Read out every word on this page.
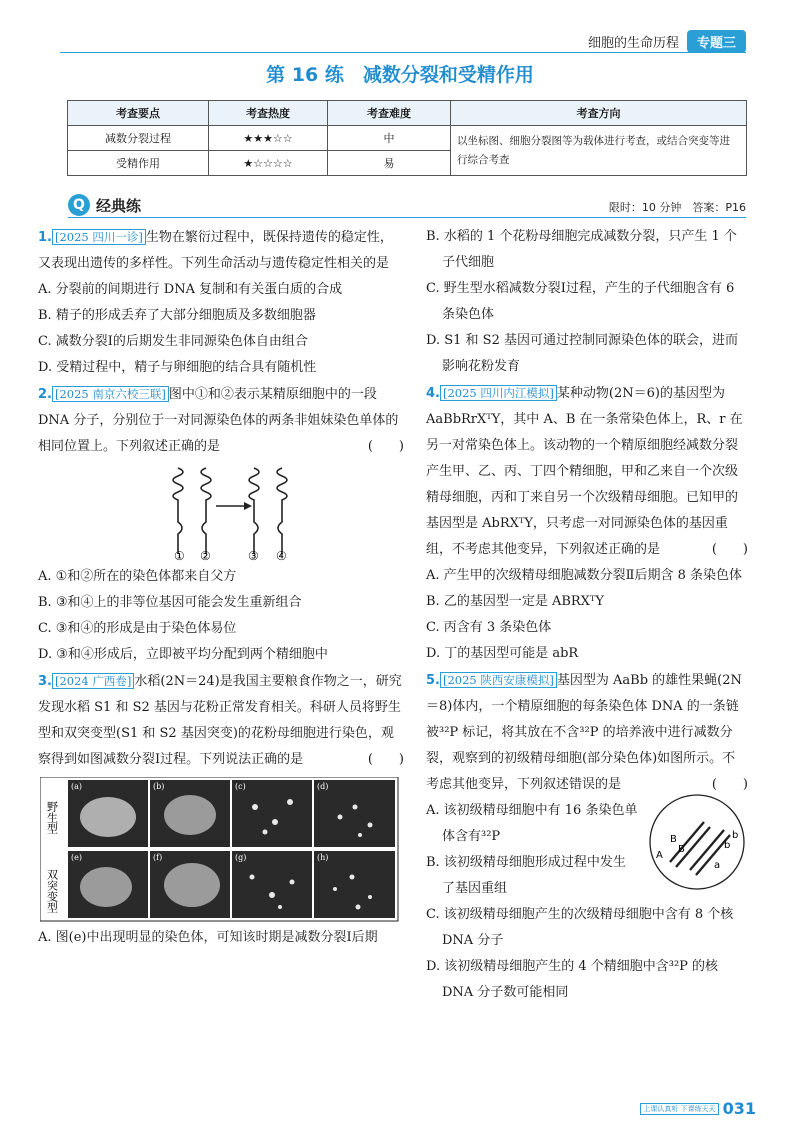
细胞的生命历程	专题三
第 16 练　减数分裂和受精作用
考查要点	考查热度	考查难度	考查方向
减数分裂过程	★★★☆☆	中	以坐标图、细胞分裂图等为载体进行考查，或结合突变等进行综合考查
受精作用	★☆☆☆☆	易	
Q 经典练	限时：10 分钟　 答案：P16

1. [2025 四川一诊] 生物在繁衍过程中，既保持遗传的稳定性，又表现出遗传的多样性。下列生命活动与遗传稳定性相关的是

A. 分裂前的间期进行 DNA 复制和有关蛋白质的合成

B. 精子的形成丢弃了大部分细胞质及多数细胞器

C. 减数分裂Ⅰ的后期发生非同源染色体自由组合

D. 受精过程中，精子与卵细胞的结合具有随机性

2. [2025 南京六校三联] 图中①和②表示某精原细胞中的一段 DNA 分子，分别位于一对同源染色体的两条非姐妹染色单体的相同位置上。下列叙述正确的是	(　　)

① ②	③ ④

A. ①和②所在的染色体都来自父方

B. ③和④上的非等位基因可能会发生重新组合

C. ③和④的形成是由于染色体易位

D. ③和④形成后，立即被平均分配到两个精细胞中

3. [2024 广西卷] 水稻(2N＝24)是我国主要粮食作物之一，研究发现水稻 S1 和 S2 基因与花粉正常发育相关。科研人员将野生型和双突变型(S1 和 S2 基因突变)的花粉母细胞进行染色，观察得到如图减数分裂Ⅰ过程。下列说法正确的是	(　　)

野生型
双突变型
(a)	(b)	(c)	(d)
(e)	(f)	(g)	(h)

A. 图(e)中出现明显的染色体，可知该时期是减数分裂Ⅰ后期

B. 水稻的 1 个花粉母细胞完成减数分裂，只产生 1 个子代细胞

C. 野生型水稻减数分裂Ⅰ过程，产生的子代细胞含有 6 条染色体

D. S1 和 S2 基因可通过控制同源染色体的联会，进而影响花粉发育

4. [2025 四川内江模拟] 某种动物(2N＝6)的基因型为 AaBbRrXᵀY，其中 A、B 在一条常染色体上，R、r 在另一对常染色体上。该动物的一个精原细胞经减数分裂产生甲、乙、丙、丁四个精细胞，甲和乙来自一个次级精母细胞，丙和丁来自另一个次级精母细胞。已知甲的基因型是 AbRXᵀY，只考虑一对同源染色体的基因重组，不考虑其他变异，下列叙述正确的是	(　　)

A. 产生甲的次级精母细胞减数分裂Ⅱ后期含 8 条染色体

B. 乙的基因型一定是 ABRXᵀY

C. 丙含有 3 条染色体

D. 丁的基因型可能是 abR

5. [2025 陕西安康模拟] 基因型为 AaBb 的雄性果蝇(2N＝8)体内，一个精原细胞的每条染色体 DNA 的一条链被³²P 标记，将其放在不含³²P 的培养液中进行减数分裂，观察到的初级精母细胞(部分染色体)如图所示。不考虑其他变异，下列叙述错误的是	(　　)

A
B
B
a
b
b

A. 该初级精母细胞中有 16 条染色单体含有³²P

B. 该初级精母细胞形成过程中发生了基因重组

C. 该初级精母细胞产生的次级精母细胞中含有 8 个核 DNA 分子

D. 该初级精母细胞产生的 4 个精细胞中含³²P 的核 DNA 分子数可能相同

上课认真听 下课练天天 031
